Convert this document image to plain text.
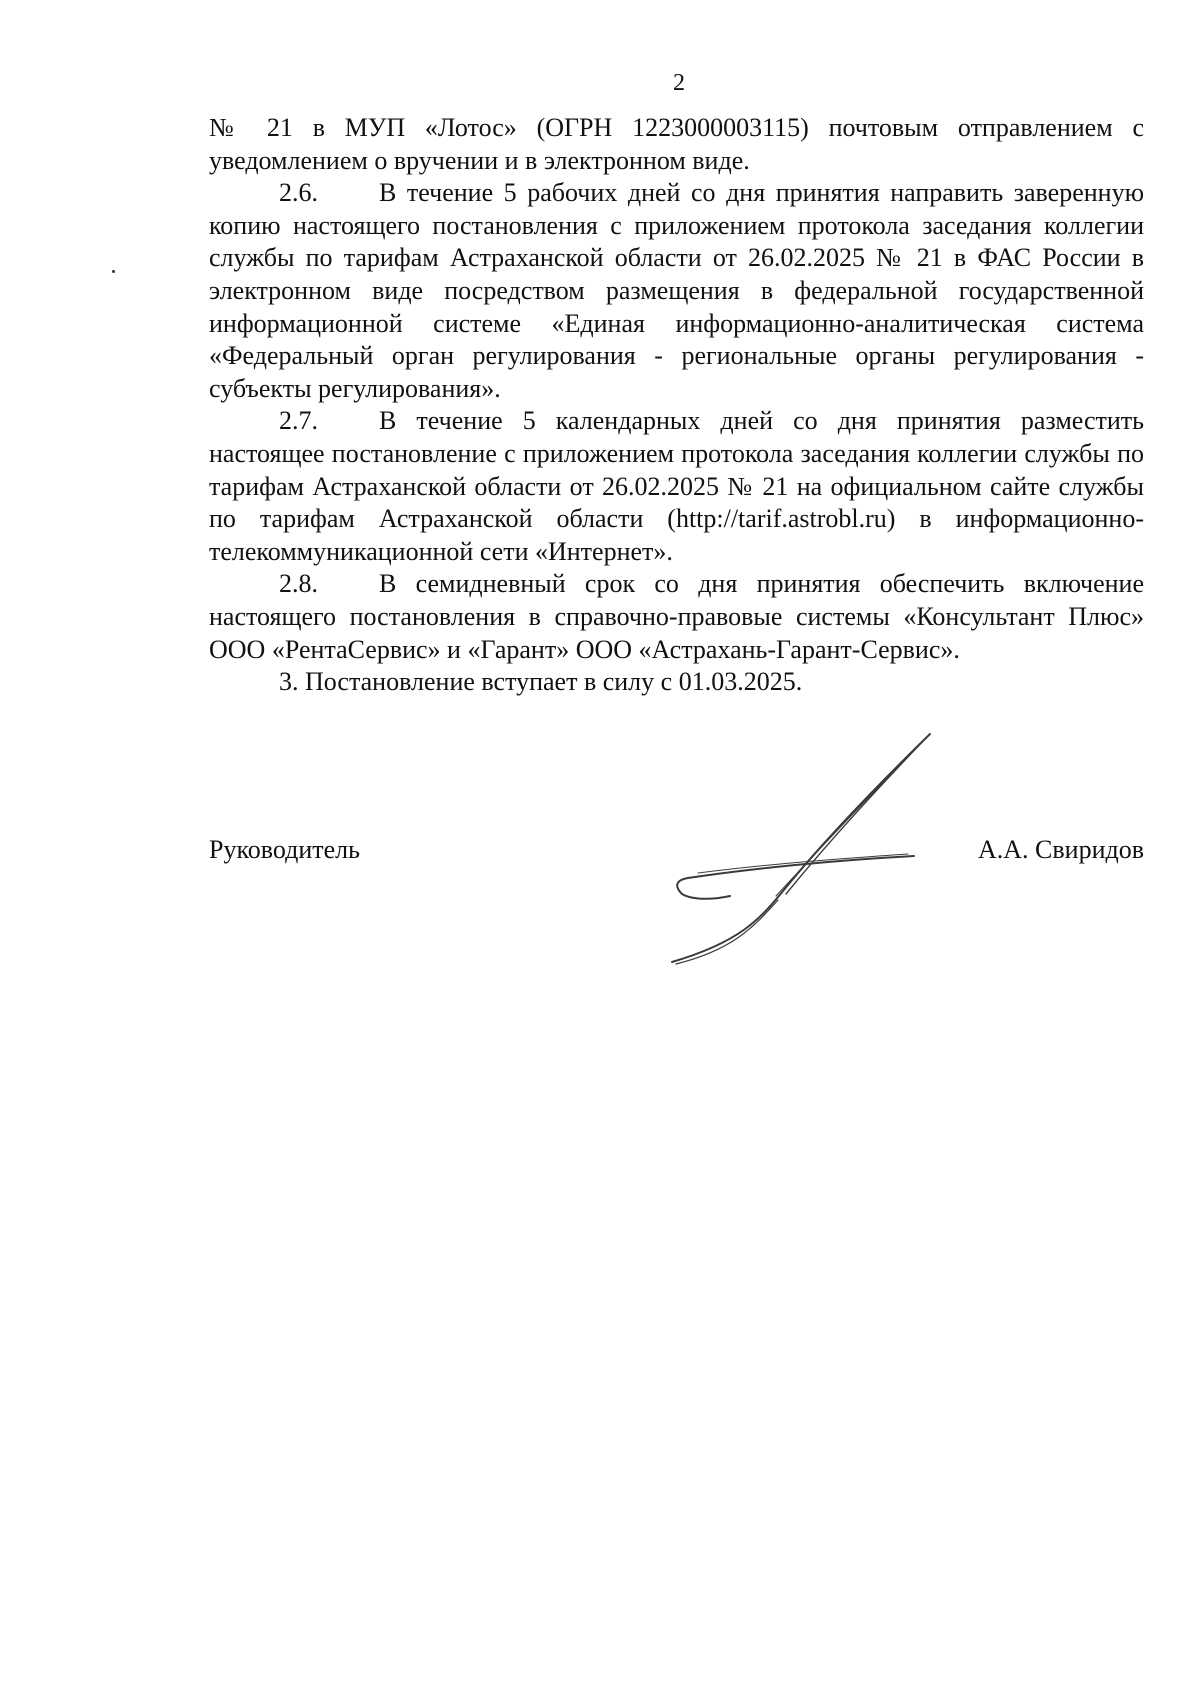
2

№ 21 в МУП «Лотос» (ОГРН 1223000003115) почтовым отправлением с уведомлением о вручении и в электронном виде.

2.6. В течение 5 рабочих дней со дня принятия направить заверенную копию настоящего постановления с приложением протокола заседания коллегии службы по тарифам Астраханской области от 26.02.2025 № 21 в ФАС России в электронном виде посредством размещения в федеральной государственной информационной системе «Единая информационно-аналитическая система «Федеральный орган регулирования - региональные органы регулирования - субъекты регулирования».

2.7. В течение 5 календарных дней со дня принятия разместить настоящее постановление с приложением протокола заседания коллегии службы по тарифам Астраханской области от 26.02.2025 № 21 на официальном сайте службы по тарифам Астраханской области (http://tarif.astrobl.ru) в информационно-телекоммуникационной сети «Интернет».

2.8. В семидневный срок со дня принятия обеспечить включение настоящего постановления в справочно-правовые системы «Консультант Плюс» ООО «РентаСервис» и «Гарант» ООО «Астрахань-Гарант-Сервис».

3. Постановление вступает в силу с 01.03.2025.

Руководитель	А.А. Свиридов
